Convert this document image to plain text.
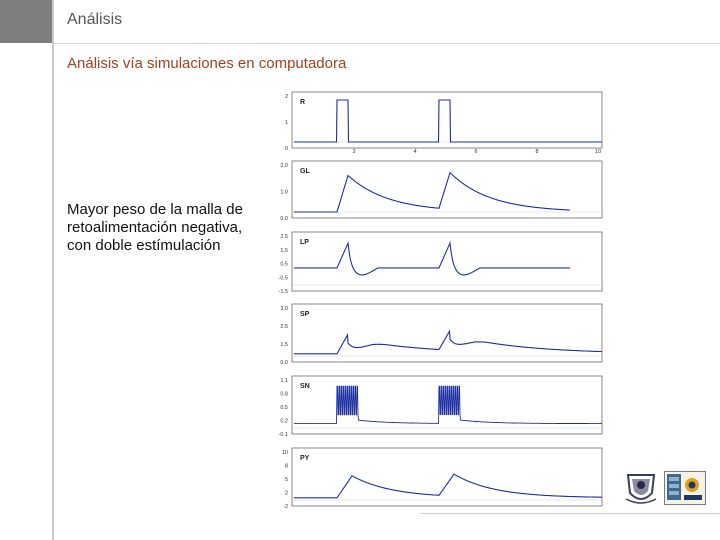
Análisis
Análisis vía simulaciones en computadora
Mayor peso de la malla de retoalimentación negativa, con doble estímulación
2
1
0
R
2.0
1.0
0.0
GL
2.5
1.5
0.5
-0.5
-1.5
LP
3.0
2.5
1.5
0.0
SP
1.1
0.8
0.5
0.2
-0.1
SN
10
8
5
2
-2
PY
2	4	6	8	10
